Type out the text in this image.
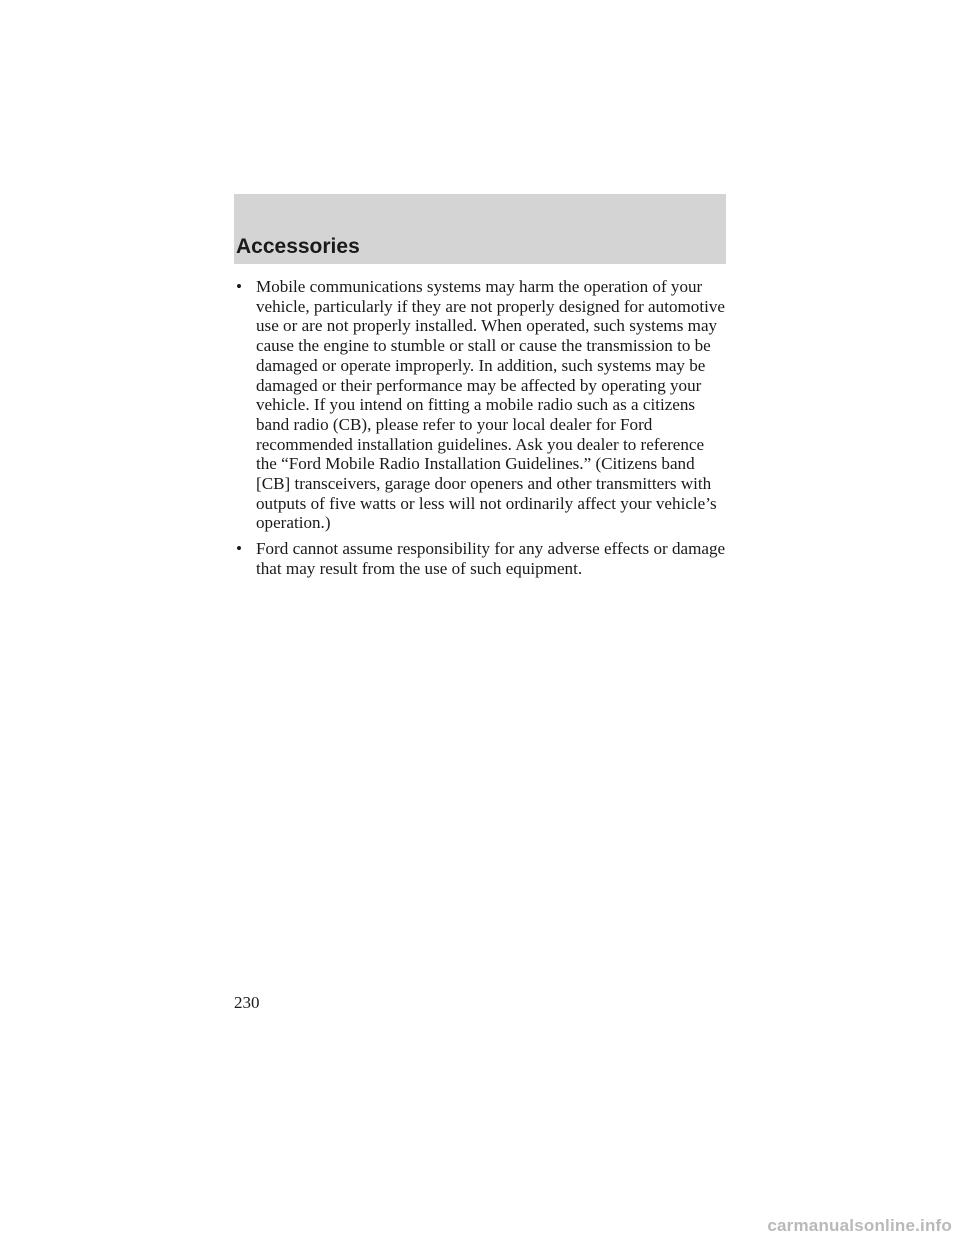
Accessories
• Mobile communications systems may harm the operation of your vehicle, particularly if they are not properly designed for automotive use or are not properly installed. When operated, such systems may cause the engine to stumble or stall or cause the transmission to be damaged or operate improperly. In addition, such systems may be damaged or their performance may be affected by operating your vehicle. If you intend on fitting a mobile radio such as a citizens band radio (CB), please refer to your local dealer for Ford recommended installation guidelines. Ask you dealer to reference the “Ford Mobile Radio Installation Guidelines.” (Citizens band [CB] transceivers, garage door openers and other transmitters with outputs of five watts or less will not ordinarily affect your vehicle’s operation.)
• Ford cannot assume responsibility for any adverse effects or damage that may result from the use of such equipment.
230
carmanualsonline.info
